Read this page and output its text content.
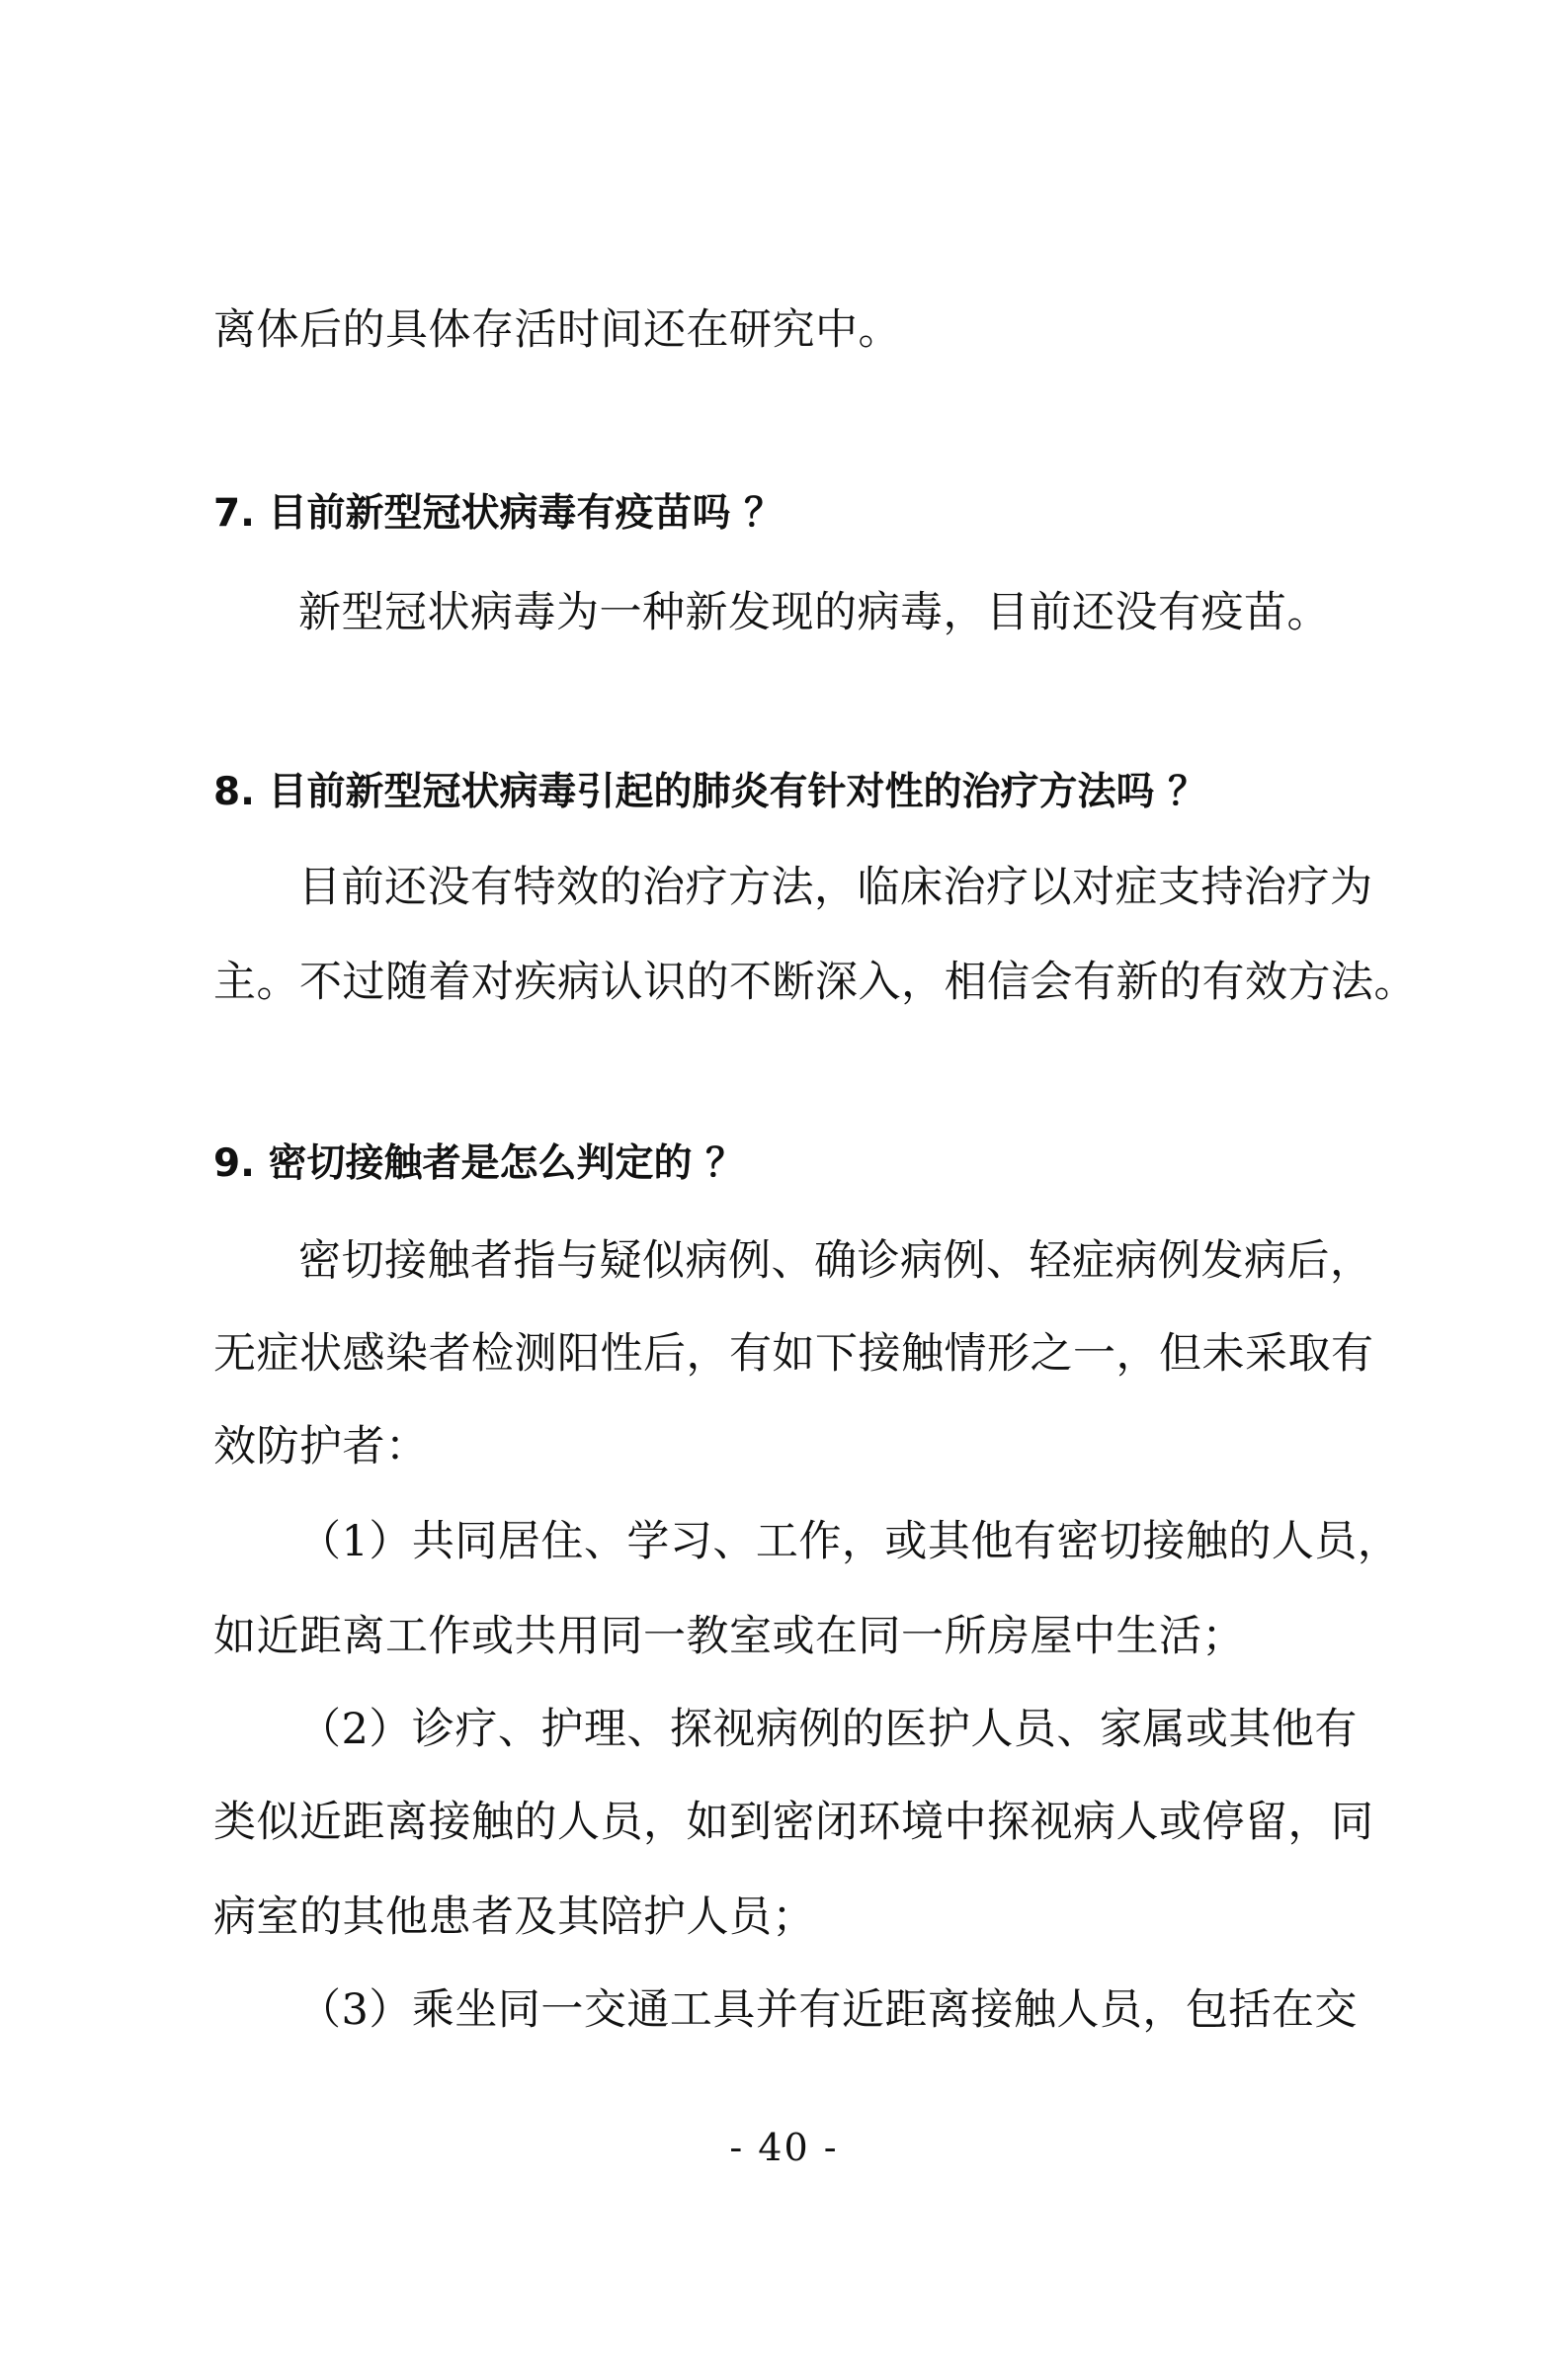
离体后的具体存活时间还在研究中。
7. 目前新型冠状病毒有疫苗吗 ？
新型冠状病毒为一种新发现的病毒，目前还没有疫苗。
8. 目前新型冠状病毒引起的肺炎有针对性的治疗方法吗 ？
目前还没有特效的治疗方法，临床治疗以对症支持治疗为
主。不过随着对疾病认识的不断深入，相信会有新的有效方法。
9. 密切接触者是怎么判定的 ？
密切接触者指与疑似病例、确诊病例、轻症病例发病后，
无症状感染者检测阳性后，有如下接触情形之一，但未采取有
效防护者：
（1）共同居住、学习、工作，或其他有密切接触的人员，
如近距离工作或共用同一教室或在同一所房屋中生活；
（2）诊疗、护理、探视病例的医护人员、家属或其他有
类似近距离接触的人员，如到密闭环境中探视病人或停留，同
病室的其他患者及其陪护人员；
（3）乘坐同一交通工具并有近距离接触人员，包括在交
- 40 -
